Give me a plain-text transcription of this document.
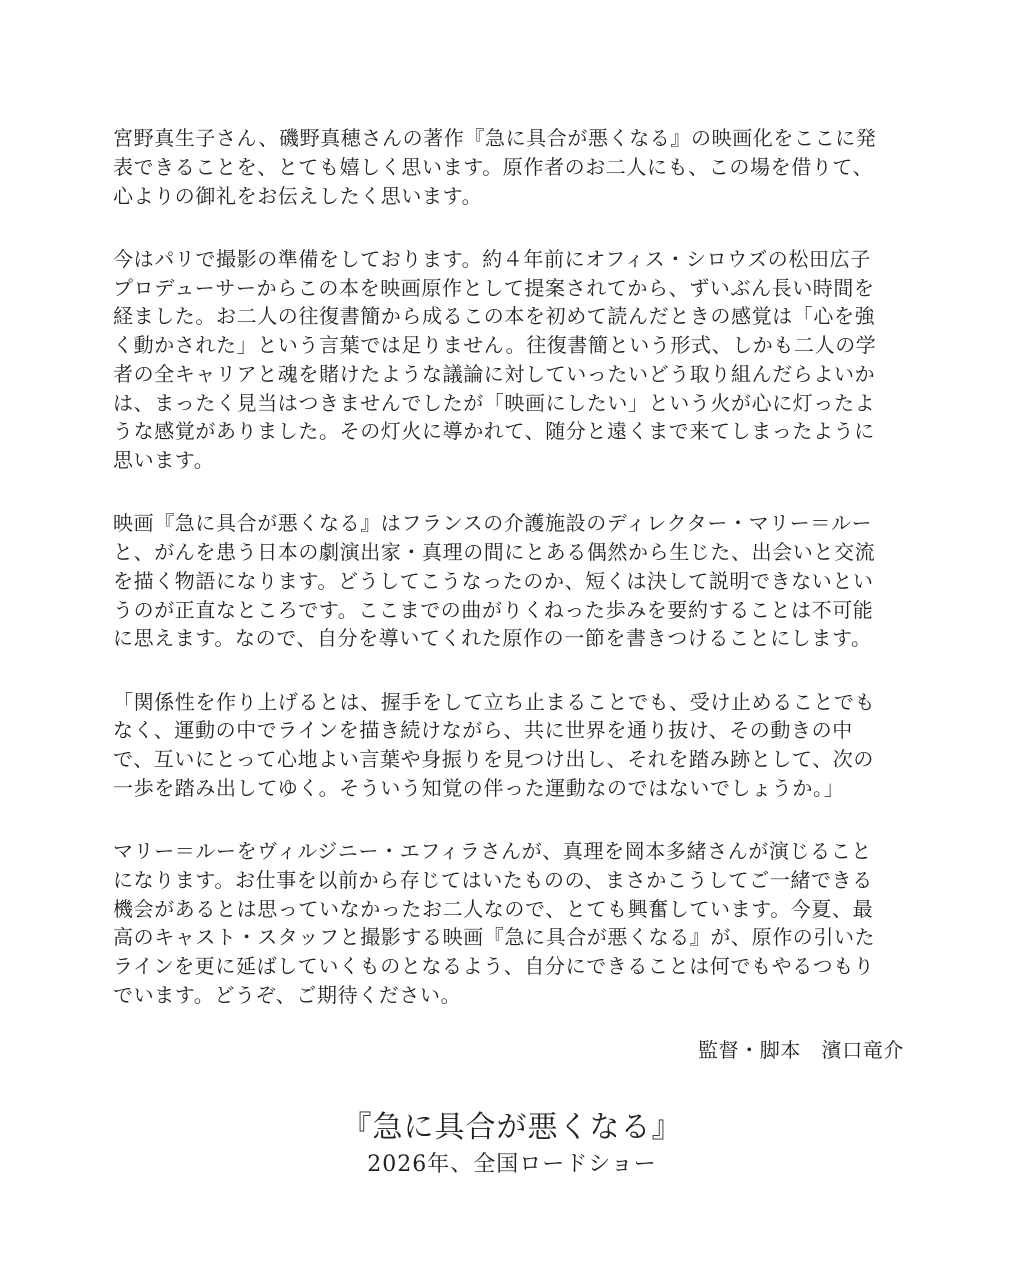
宮野真生子さん、磯野真穂さんの著作『急に具合が悪くなる』の映画化をここに発
表できることを、とても嬉しく思います。原作者のお二人にも、この場を借りて、
心よりの御礼をお伝えしたく思います。

今はパリで撮影の準備をしております。約４年前にオフィス・シロウズの松田広子
プロデューサーからこの本を映画原作として提案されてから、ずいぶん長い時間を
経ました。お二人の往復書簡から成るこの本を初めて読んだときの感覚は「心を強
く動かされた」という言葉では足りません。往復書簡という形式、しかも二人の学
者の全キャリアと魂を賭けたような議論に対していったいどう取り組んだらよいか
は、まったく見当はつきませんでしたが「映画にしたい」という火が心に灯ったよ
うな感覚がありました。その灯火に導かれて、随分と遠くまで来てしまったように
思います。

映画『急に具合が悪くなる』はフランスの介護施設のディレクター・マリー＝ルー
と、がんを患う日本の劇演出家・真理の間にとある偶然から生じた、出会いと交流
を描く物語になります。どうしてこうなったのか、短くは決して説明できないとい
うのが正直なところです。ここまでの曲がりくねった歩みを要約することは不可能
に思えます。なので、自分を導いてくれた原作の一節を書きつけることにします。

「関係性を作り上げるとは、握手をして立ち止まることでも、受け止めることでも
なく、運動の中でラインを描き続けながら、共に世界を通り抜け、その動きの中
で、互いにとって心地よい言葉や身振りを見つけ出し、それを踏み跡として、次の
一歩を踏み出してゆく。そういう知覚の伴った運動なのではないでしょうか。」

マリー＝ルーをヴィルジニー・エフィラさんが、真理を岡本多緒さんが演じること
になります。お仕事を以前から存じてはいたものの、まさかこうしてご一緒できる
機会があるとは思っていなかったお二人なので、とても興奮しています。今夏、最
高のキャスト・スタッフと撮影する映画『急に具合が悪くなる』が、原作の引いた
ラインを更に延ばしていくものとなるよう、自分にできることは何でもやるつもり
でいます。どうぞ、ご期待ください。

監督・脚本　濱口竜介
『急に具合が悪くなる』
2026年、全国ロードショー
